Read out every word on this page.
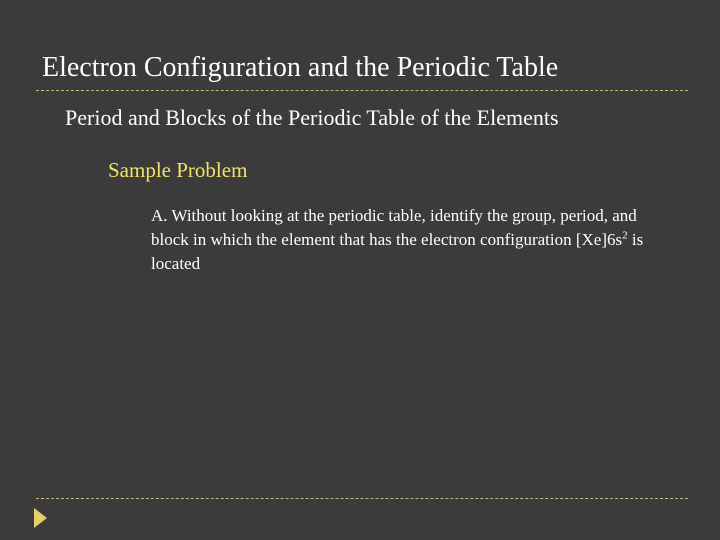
Electron Configuration and the Periodic Table
Period and Blocks of the Periodic Table of the Elements
Sample Problem
A. Without looking at the periodic table, identify the group, period, and block in which the element that has the electron configuration $[Xe]6s^2$ is located
